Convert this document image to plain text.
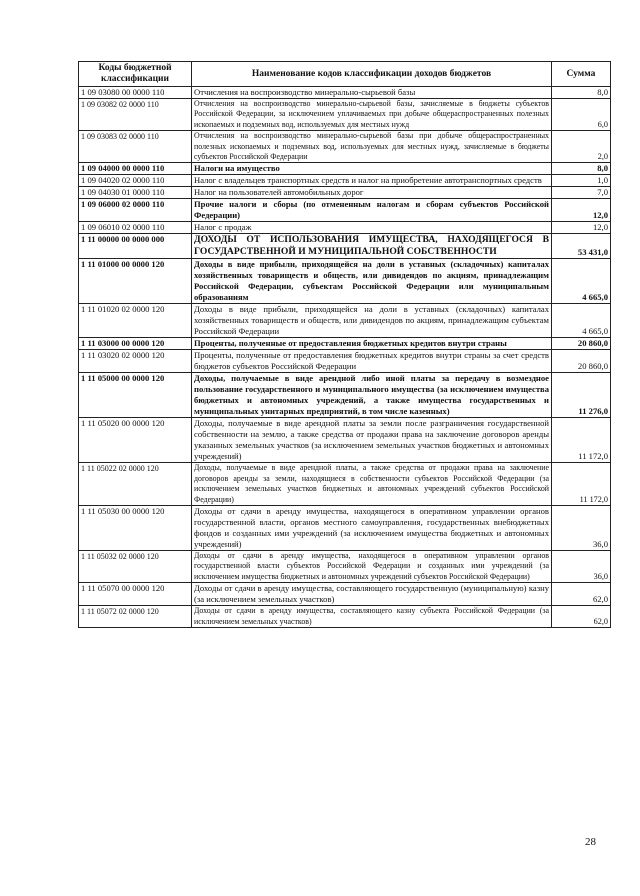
Коды бюджетной классификации	Наименование кодов классификации доходов бюджетов	Сумма
1 09 03080 00 0000 110	Отчисления на воспроизводство минерально-сырьевой базы	8,0
1 09 03082 02 0000 110	Отчисления на воспроизводство минерально-сырьевой базы, зачисляемые в бюджеты субъектов Российской Федерации, за исключением уплачиваемых при добыче общераспространенных полезных ископаемых и подземных вод, используемых для местных нужд	6,0
1 09 03083 02 0000 110	Отчисления на воспроизводство минерально-сырьевой базы при добыче общераспространенных полезных ископаемых и подземных вод, используемых для местных нужд, зачисляемые в бюджеты субъектов Российской Федерации	2,0
1 09 04000 00 0000 110	Налоги на имущество	8,0
1 09 04020 02 0000 110	Налог с владельцев транспортных средств и налог на приобретение автотранспортных средств	1,0
1 09 04030 01 0000 110	Налог на пользователей автомобильных дорог	7,0
1 09 06000 02 0000 110	Прочие налоги и сборы (по отмененным налогам и сборам субъектов Российской Федерации)	12,0
1 09 06010 02 0000 110	Налог с продаж	12,0
1 11 00000 00 0000 000	ДОХОДЫ ОТ ИСПОЛЬЗОВАНИЯ ИМУЩЕСТВА, НАХОДЯЩЕГОСЯ В ГОСУДАРСТВЕННОЙ И МУНИЦИПАЛЬНОЙ СОБСТВЕННОСТИ	53 431,0
1 11 01000 00 0000 120	Доходы в виде прибыли, приходящейся на доли в уставных (складочных) капиталах хозяйственных товариществ и обществ, или дивидендов по акциям, принадлежащим Российской Федерации, субъектам Российской Федерации или муниципальным образованиям	4 665,0
1 11 01020 02 0000 120	Доходы в виде прибыли, приходящейся на доли в уставных (складочных) капиталах хозяйственных товариществ и обществ, или дивидендов по акциям, принадлежащим субъектам Российской Федерации	4 665,0
1 11 03000 00 0000 120	Проценты, полученные от предоставления бюджетных кредитов внутри страны	20 860,0
1 11 03020 02 0000 120	Проценты, полученные от предоставления бюджетных кредитов внутри страны за счет средств бюджетов субъектов Российской Федерации	20 860,0
1 11 05000 00 0000 120	Доходы, получаемые в виде арендной либо иной платы за передачу в возмездное пользование государственного и муниципального имущества (за исключением имущества бюджетных и автономных учреждений, а также имущества государственных и муниципальных унитарных предприятий, в том числе казенных)	11 276,0
1 11 05020 00 0000 120	Доходы, получаемые в виде арендной платы за земли после разграничения государственной собственности на землю, а также средства от продажи права на заключение договоров аренды указанных земельных участков (за исключением земельных участков бюджетных и автономных учреждений)	11 172,0
1 11 05022 02 0000 120	Доходы, получаемые в виде арендной платы, а также средства от продажи права на заключение договоров аренды за земли, находящиеся в собственности субъектов Российской Федерации (за исключением земельных участков бюджетных и автономных учреждений субъектов Российской Федерации)	11 172,0
1 11 05030 00 0000 120	Доходы от сдачи в аренду имущества, находящегося в оперативном управлении органов государственной власти, органов местного самоуправления, государственных внебюджетных фондов и созданных ими учреждений (за исключением имущества бюджетных и автономных учреждений)	36,0
1 11 05032 02 0000 120	Доходы от сдачи в аренду имущества, находящегося в оперативном управлении органов государственной власти субъектов Российской Федерации и созданных ими учреждений (за исключением имущества бюджетных и автономных учреждений субъектов Российской Федерации)	36,0
1 11 05070 00 0000 120	Доходы от сдачи в аренду имущества, составляющего государственную (муниципальную) казну (за исключением земельных участков)	62,0
1 11 05072 02 0000 120	Доходы от сдачи в аренду имущества, составляющего казну субъекта Российской Федерации (за исключением земельных участков)	62,0
28
